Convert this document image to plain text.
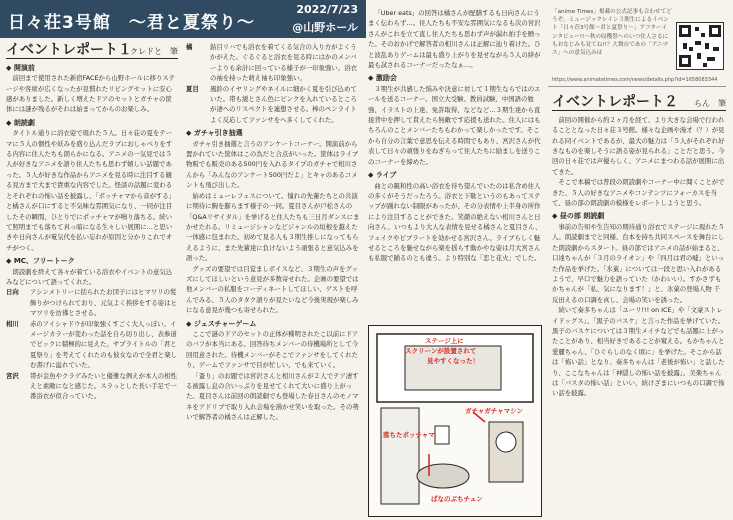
日々荘3号館　〜君と夏祭り〜
2022/7/23
@山野ホール
イベントレポート１
クレドと　筆
◆ 開演前

前回まで使用された新宿FACEから山野ホールに移りステージや客席が広くなったが見慣れたリビングセットに安心感がありました。新しく増えたドアのセットとガチャの筐体には謎が残るがそれは始まってからのお楽しみ。

◆ 朗読劇

タイトル通りに浴衣姿で現れた５人。日々荘の夏をテーマに５人の個性や妖みを盛り込んだラブにおしゃべりをする内容に住人たちも朗らかになる。アニメの一気見では５人が好きなアニメを語り住人たちも思わず嬉しい話題であった。５人が好きな作品からアニメを見る時に注目する観る見方まで大まで貴重な内容でした。怪談の話題に変わるとそれぞれの怖い話を披露し、「ポッチャマから音がする」と橘さんが口にすると不気味な雰囲気になり、一同が注目したその瞬間、ひとりでにポッチャマが鳴り落ちる。続いて照明までも落ちて真っ暗になる生々しい展開に…と思いきや日向さんが電気代を払い忘れが原因と分かりこれでオチがつく。

◆ MC、フリートーク

朗読劇を終えて各々が着ている浴衣やイベントの意気込みなどについて語ってくれた。

日向	アシンメトリーに括られたお団子にはヒマワリの髪飾りがつけられており、元気よく挨拶をする姿はヒマワリを彷彿とさせる。
相川	赤のアイシャドウが印象強くすごく大人っぽい。イメージカラーが変わった話を自ら切り出し、表参道でビックに積極的に見えた。サプライトルの「君と夏祭り」を考えてくれたのも彼女なので全君と楽しむ書げに溢れていた。
宮沢	帯が金魚やクラゲみたいと優雅な例えが本人の相性えと素敵になと感じた。スラっとした長い手足で一番浴衣が似合っていた。
橘	鈷目リハでも浴衣を着てくる気合の入り方がよくうかがえた。ぐるぐると浴衣を見る時にはかのメンバーよりも余計に回っている様子が一印象強い。浴衣の袖を持った萌え袖も印象強い。
夏目	風鈴のイヤリングやネイルに細かく夏を引び込めていた。帯も緩とさん色にピンクを入れているところが凄へのリスペクトを連想させる。棒のペンライトよく反応してファンサをへ多くしてくれた。
◆ ガチャ引き抽選

ガチャ引き抽選と言うのアンケートコーナー。開演前から置かれていた筐体はこの為だと合点がいった。筐体はライブ物販でも販売のある500円を入れるタイプのガチャで相川さんから「みんなのアンケート500円だよ」とキャのあるコメントも飛び出した。

始めはミューレフェスについて。憧れの先輩たちとの共演に期待に胸を膨らます様子の一同。夏目さんが戸松さんの「Q&Aリサイタル」を挙げると住人たちも三日月ダンスにまかせたれる。リミュージシャンなどジャンルの垣根を越えた一体感に包まれた。初めて見る人も３期生推しになってもらえるように、また先輩達に負けないよう頑張ると意気込みを語った。

グッズの要望では目覚ましボイスなど、３期生の声をグッズにしてほしいという意見が多数寄せれた。企画の要望では他メンバーの私服をコーディネートしてほしい、ゲストを呼んでみる、５人のタタク語りが見たいなど今後実現が楽しみになる意見が幾つも寄せられた。

◆ ジェスチャーゲーム

ここで謎のドアのセットの正体が種明されたこ以前にドアのバフが本当にある。回答待ちメンバーの待機場所として今回用意された。待機メンバーがそこでファンサをしてくれたり、ゲームでファンサで目が忙しい、でも来ていく。

「蚤り」のお題では宮沢さんと相川さんが２人でテア凄する被露し息の合いっぷりを見せてくれて大いに盛り上がった。夏目さんは前回の朗読劇でも登場した春日さんのモノマネをアドリブで取り入れ会場を沸かせ笑いを取った。その勢いで解答者の橘さんは正解した。

「Uber eats」の回答は橘さんが配膳するも日向さんにうまく伝わらず…。住人たちも不安な雰囲気になるも次の宮沢さんがこれを立て直し住人たちも思わず声が漏れ拍手を贈った。そのおかげで解答者の相川さんは正解に辿り着けた。ひと波乱ありゲームは最も盛り上がりを見せながら５人の絆が最も試されるコーナーだったなぁ…。

◆ 激励会

３期生が共感した悩みや決意に対して１期生ならではのエールを送るコーナー。国立大受験、教員試験、中国語の勉強、イラストの上達、免許取得、などなど…３期生達から直接背中を押して貰えたら無敵です応援も送れた。住人にはもちろんのことメンバーたちもわかって楽しかったです。そこから自分の言葉で意思を伝える時間でもあり、宮沢さんが代表して日々の頑張りをねぎらって住人たちに励ましを送りこのコーナーを締めた。

◆ ライブ

曲との親和性の高い浴衣を待ち望んでいたのは私含め住人の多くがそうだったろう。浴衣と下駄というのもあってステップが踊れない制限があったが、その分表情や上半身の所作により注目することができた。笑顔の絶えない相川さんと日向さん、いつもより大人な表情を見せる橘さんと夏目さん、フェイクやビブラートを効かせる宮沢さん。ライブらしく魅せるところを魅せながら楽を揺らす動かやな姿は月大宮さんも私服で踊るのとも違う。より特別な「恋と花火」でした。

ステージ上に
スクリーンが設置されて
見やすくなった！
落ちたポッチャマ
ガチャガチャマシン
ぱなのぶちチュン
「anime Times」掲載の公式記事も合わせてどうぞ。ミュージックレイン３期生によるイベント「日々荘3号館〜君と夏祭り〜」アフターインタビュー!!〜秋の収穫祭へのいつ住人さるにもおなじみも見てね!!？大舞台であの「アニマス」への意気込みは
https://www.animatetimes.com/news/details.php?id=1658083344
イベントレポート２	らん　筆

前回の開催から約２ヶ月を経て、より大きな会場で行われることとなった日々荘３号館。様々な企画や漫才（？）が見れる同イベントであるが、最大の魅力は「５人がそれぞれ好きなものを楽しそうに語る姿が見られる」ことだと思う。今回の日々荘では声優らしく、アニメにまつわる話が展開に出てきた。

そこで本稿では普段の朗読劇やコーナー中に聞くことができた、５人の好きなアニメやコンテンツにフォーカスを当て、昼の部の朗読劇の模様をレポートしようと思う。

◆ 昼の部 朗読劇

事前の告知や生告知の期待通り浴衣でステージに現れた５人。朗読劇までと同様、台本を持ち共同スペースを舞台にした朗読劇からスタート。昼の部ではアニメの話が始まると、口達ちゃんが「３月のライオン」や「四月は君の嘘」といった作品を挙げた。「氷菓」については一段と思い入れがあるようで、早口で魅力を語っていた（かわいい）。すかさずもかちゃんが「私、気になります！」と、氷菓の登場人物 千反田えるの口調を真し、会場の笑いを誘った。

続いて奏多ちゃんは「ユーリ!!! on ICE」や「文豪ストレイドッグス」、「黒子のバスケ」と言った作品を挙げていた。黒子のバスケについては３期生メイチなどでも話題に上がったことがあり、相当好きであることが窺える。もかちゃんと愛麗ちゃん、「ひぐらしのなく頃に」を挙げた。そこから話は「怖い話」となり、奏多ちゃんは「老後が怖い」と話したり、ここなちゃんは「神隠しの怖い話を披露」。美楽ちゃんは「バスタの怖い話」といい、続けざまにいつもの口調で怖い話を披露。
